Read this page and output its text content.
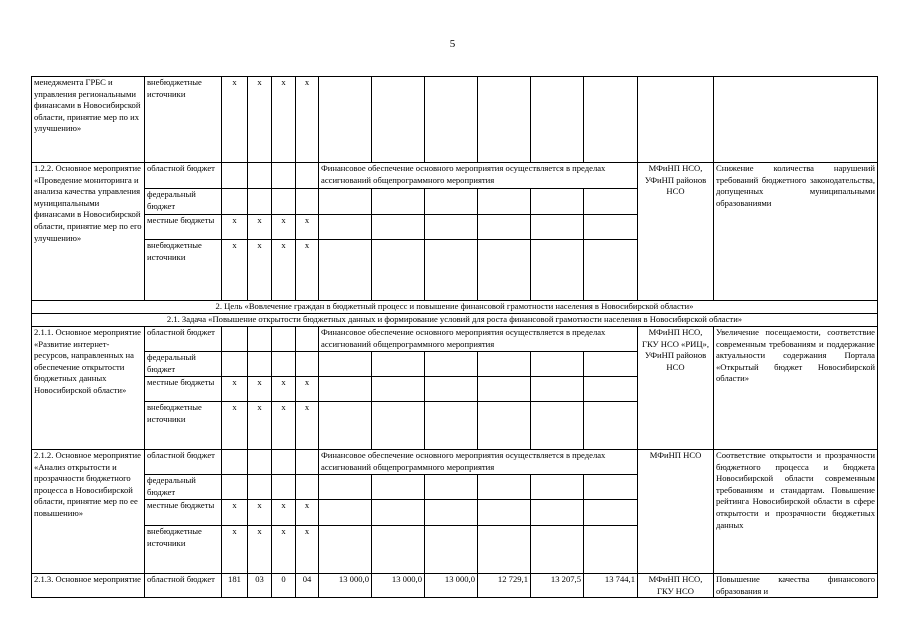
5
менеджмента ГРБС и управления региональными финансами в Новосибирской области, принятие мер по их улучшению»	внебюджетные источники	х	х	х	х								
1.2.2. Основное мероприятие «Проведение мониторинга и анализа качества управления муниципальными финансами в Новосибирской области, принятие мер по его улучшению»	областной бюджет					Финансовое обеспечение основного мероприятия осуществляется в пределах ассигнований общепрограммного мероприятия						МФиНП НСО, УФиНП районов НСО	Снижение количества нарушений требований бюджетного законодательства, допущенных муниципальными образованиями
	федеральный бюджет												
	местные бюджеты	х	х	х	х								
	внебюджетные источники	х	х	х	х								
2. Цель «Вовлечение граждан в бюджетный процесс и повышение финансовой грамотности населения в Новосибирской области»													
2.1. Задача «Повышение открытости бюджетных данных и формирование условий для роста финансовой грамотности населения в Новосибирской области»													
2.1.1. Основное мероприятие «Развитие интернет-ресурсов, направленных на обеспечение открытости бюджетных данных Новосибирской области»	областной бюджет					Финансовое обеспечение основного мероприятия осуществляется в пределах ассигнований общепрограммного мероприятия						МФиНП НСО, ГКУ НСО «РИЦ», УФиНП районов НСО	Увеличение посещаемости, соответствие современным требованиям и поддержание актуальности содержания Портала «Открытый бюджет Новосибирской области»
	федеральный бюджет												
	местные бюджеты	х	х	х	х								
	внебюджетные источники	х	х	х	х								
2.1.2. Основное мероприятие «Анализ открытости и прозрачности бюджетного процесса в Новосибирской области, принятие мер по ее повышению»	областной бюджет					Финансовое обеспечение основного мероприятия осуществляется в пределах ассигнований общепрограммного мероприятия						МФиНП НСО	Соответствие открытости и прозрачности бюджетного процесса и бюджета Новосибирской области современным требованиям и стандартам. Повышение рейтинга Новосибирской области в сфере открытости и прозрачности бюджетных данных
	федеральный бюджет												
	местные бюджеты	х	х	х	х								
	внебюджетные источники	х	х	х	х								
2.1.3. Основное мероприятие	областной бюджет	181	03	0	04	13 000,0	13 000,0	13 000,0	12 729,1	13 207,5	13 744,1	МФиНП НСО, ГКУ НСО	Повышение качества финансового образования и
